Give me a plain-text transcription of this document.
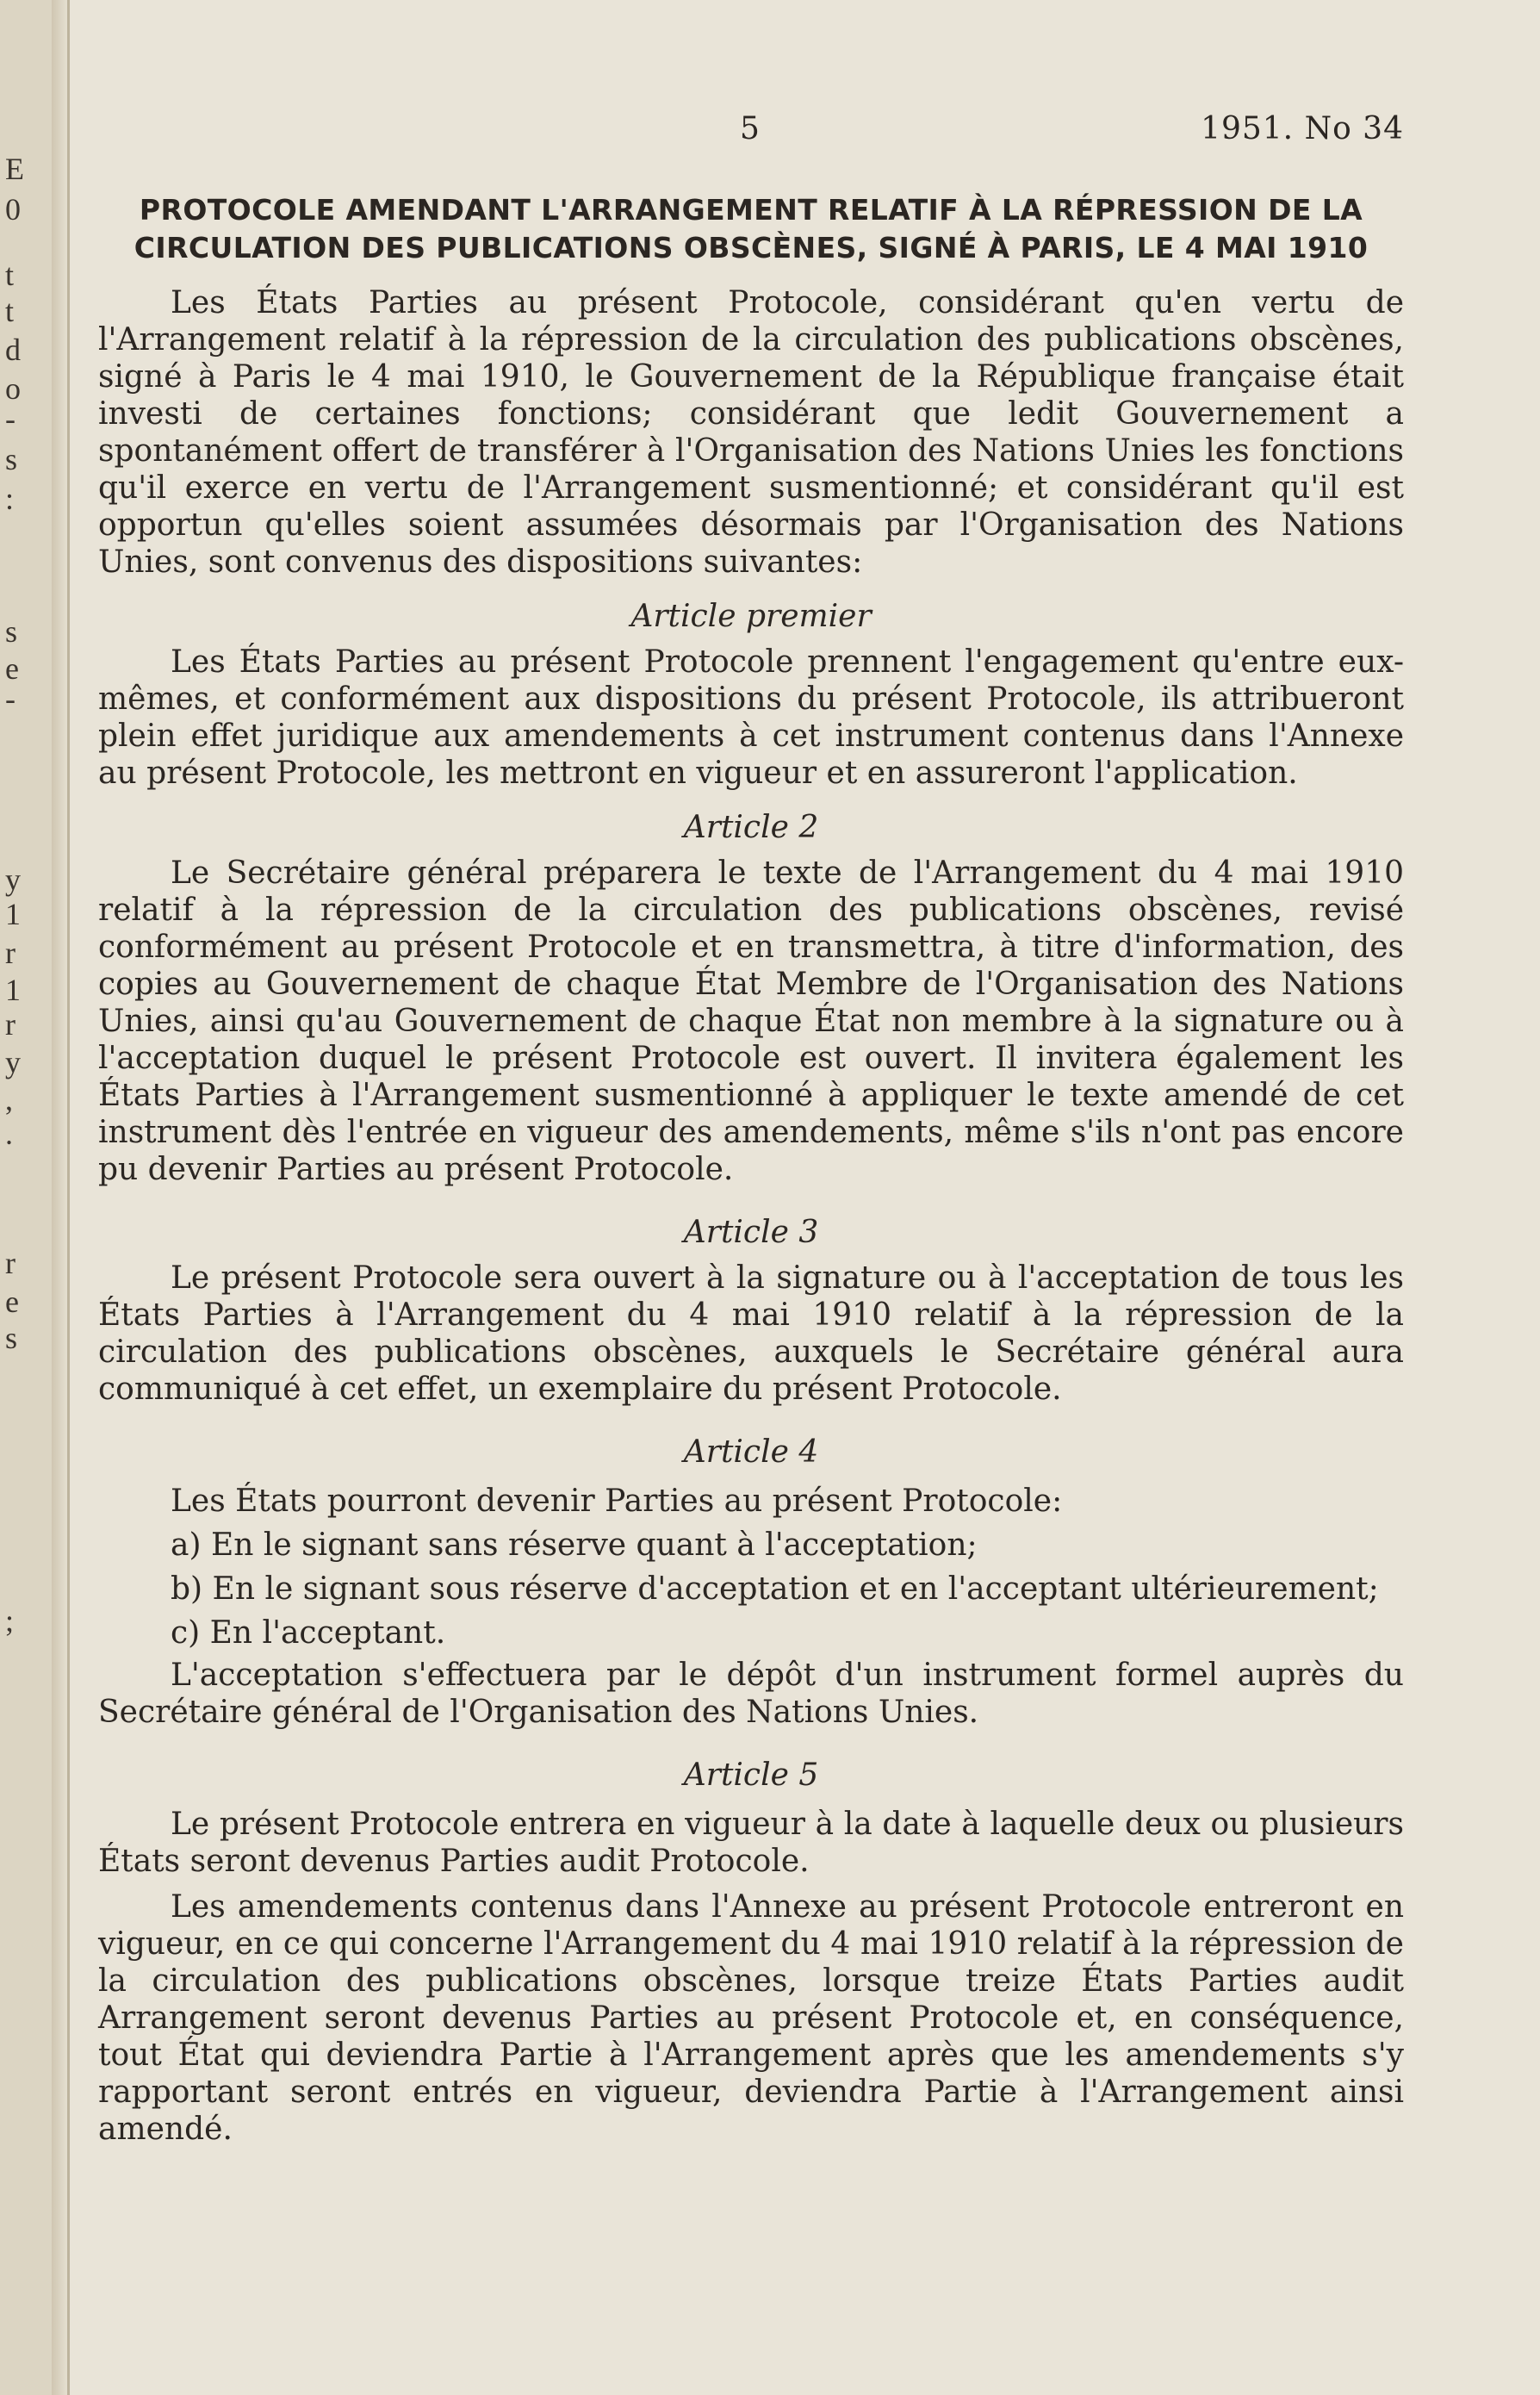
E
0
t
t
d
o
-
s
:
s
e
-
y
1
r
1
r
y
,
.
r
e
s
;
5	1951. No 34
PROTOCOLE AMENDANT L'ARRANGEMENT RELATIF À LA RÉPRESSION DE LA CIRCULATION DES PUBLICATIONS OBSCÈNES, SIGNÉ À PARIS, LE 4 MAI 1910

Les États Parties au présent Protocole, considérant qu'en vertu de l'Arrangement relatif à la répression de la circulation des publications obscènes, signé à Paris le 4 mai 1910, le Gouvernement de la République française était investi de certaines fonctions; considérant que ledit Gouvernement a spontanément offert de transférer à l'Organisation des Nations Unies les fonctions qu'il exerce en vertu de l'Arrangement susmentionné; et considérant qu'il est opportun qu'elles soient assumées désormais par l'Organisation des Nations Unies, sont convenus des dispositions suivantes:

Article premier

Les États Parties au présent Protocole prennent l'engagement qu'entre eux-mêmes, et conformément aux dispositions du présent Protocole, ils attribueront plein effet juridique aux amendements à cet instrument contenus dans l'Annexe au présent Protocole, les mettront en vigueur et en assureront l'application.

Article 2

Le Secrétaire général préparera le texte de l'Arrangement du 4 mai 1910 relatif à la répression de la circulation des publications obscènes, revisé conformément au présent Protocole et en transmettra, à titre d'information, des copies au Gouvernement de chaque État Membre de l'Organisation des Nations Unies, ainsi qu'au Gouvernement de chaque État non membre à la signature ou à l'acceptation duquel le présent Protocole est ouvert. Il invitera également les États Parties à l'Arrangement susmentionné à appliquer le texte amendé de cet instrument dès l'entrée en vigueur des amendements, même s'ils n'ont pas encore pu devenir Parties au présent Protocole.

Article 3

Le présent Protocole sera ouvert à la signature ou à l'acceptation de tous les États Parties à l'Arrangement du 4 mai 1910 relatif à la répression de la circulation des publications obscènes, auxquels le Secrétaire général aura communiqué à cet effet, un exemplaire du présent Protocole.

Article 4

Les États pourront devenir Parties au présent Protocole:

a) En le signant sans réserve quant à l'acceptation;

b) En le signant sous réserve d'acceptation et en l'acceptant ultérieurement;

c) En l'acceptant.

L'acceptation s'effectuera par le dépôt d'un instrument formel auprès du Secrétaire général de l'Organisation des Nations Unies.

Article 5

Le présent Protocole entrera en vigueur à la date à laquelle deux ou plusieurs États seront devenus Parties audit Protocole.

Les amendements contenus dans l'Annexe au présent Protocole entreront en vigueur, en ce qui concerne l'Arrangement du 4 mai 1910 relatif à la répression de la circulation des publications obscènes, lorsque treize États Parties audit Arrangement seront devenus Parties au présent Protocole et, en conséquence, tout État qui deviendra Partie à l'Arrangement après que les amendements s'y rapportant seront entrés en vigueur, deviendra Partie à l'Arrangement ainsi amendé.
